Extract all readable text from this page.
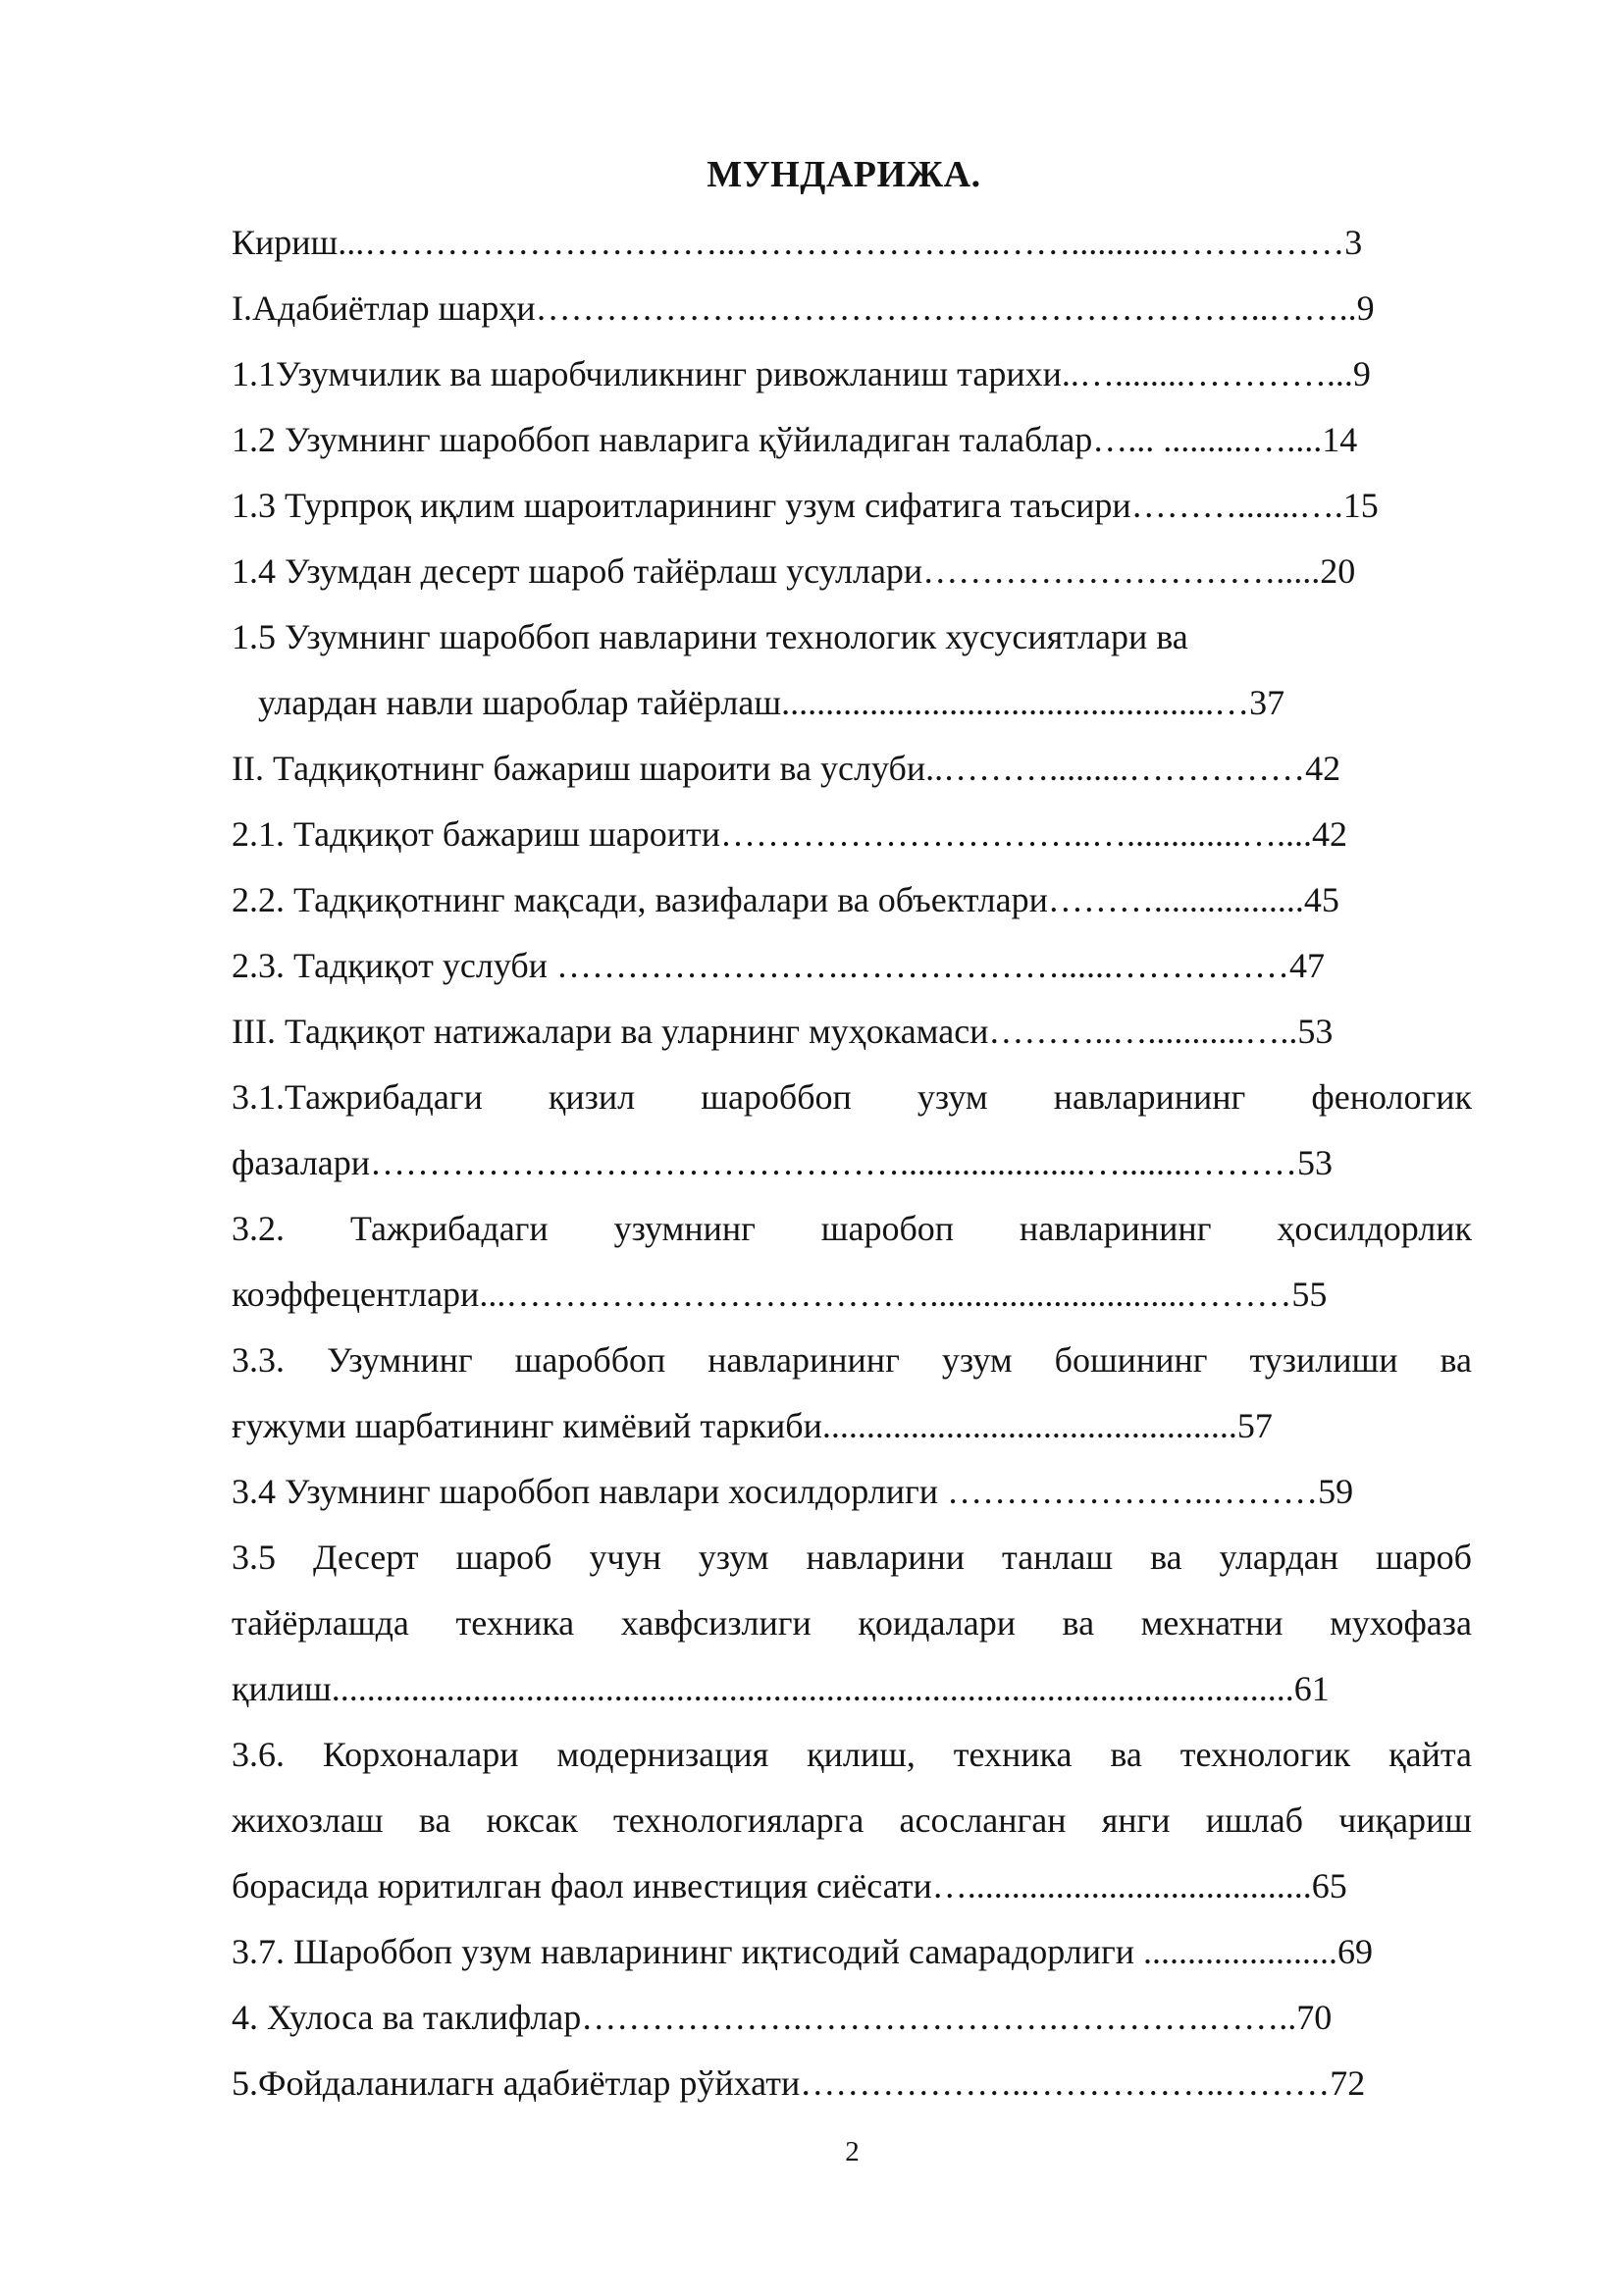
МУНДАРИЖА.
Кириш...…………………………..…………………..……...........……………3
I.Адабиётлар шарҳи……………….……………………………………..……..9
1.1Узумчилик ва шаробчиликнинг ривожланиш тарихи..…........…………...9
1.2 Узумнинг шароббоп навларига қўйиладиган талаблар…... ..........…....14
1.3 Турпроқ иқлим шароитларининг узум сифатига таъсири……….......….15
1.4 Узумдан десерт шароб тайёрлаш усуллари………………………….....20
1.5 Узумнинг шароббоп навларини технологик хусусиятлари ва
улардан навли шароблар тайёрлаш.................................................…37
II. Тадқиқотнинг бажариш шароити ва услуби..……….........……………42
2.1. Тадқиқот бажариш шароити…………………………..….............…....42
2.2. Тадқиқотнинг мақсади, вазифалари ва объектлари……….................45
2.3. Тадқиқот услуби …………………….………………......……………47
III. Тадқиқот натижалари ва уларнинг муҳокамаси………..…...........…..53
3.1.Тажрибадаги қизил шароббоп узум навларининг фенологик
фазалари……………………………………….....................…........………53
3.2. Тажрибадаги узумнинг шаробоп навларининг ҳосилдорлик
коэффецентлари...……………………………….............................………55
3.3. Узумнинг шароббоп навларининг узум бошининг тузилиши ва
ғужуми шарбатининг кимёвий таркиби...............................................57
3.4 Узумнинг шароббоп навлари хосилдорлиги …………………..………59
3.5 Десерт шароб учун узум навларини танлаш ва улардан шароб
тайёрлашда техника хавфсизлиги қоидалари ва мехнатни мухофаза
қилиш.............................................................................................................61
3.6. Корхоналари модернизация қилиш, техника ва технологик қайта
жихозлаш ва юксак технологияларга асосланган янги ишлаб чиқариш
борасида юритилган фаол инвестиция сиёсати….......................................65
3.7. Шароббоп узум навларининг иқтисодий самарадорлиги ......................69
4. Хулоса ва таклифлар……………….………………….………….……..70
5.Фойдаланилагн адабиётлар рўйхати………………..……………..………72
2
